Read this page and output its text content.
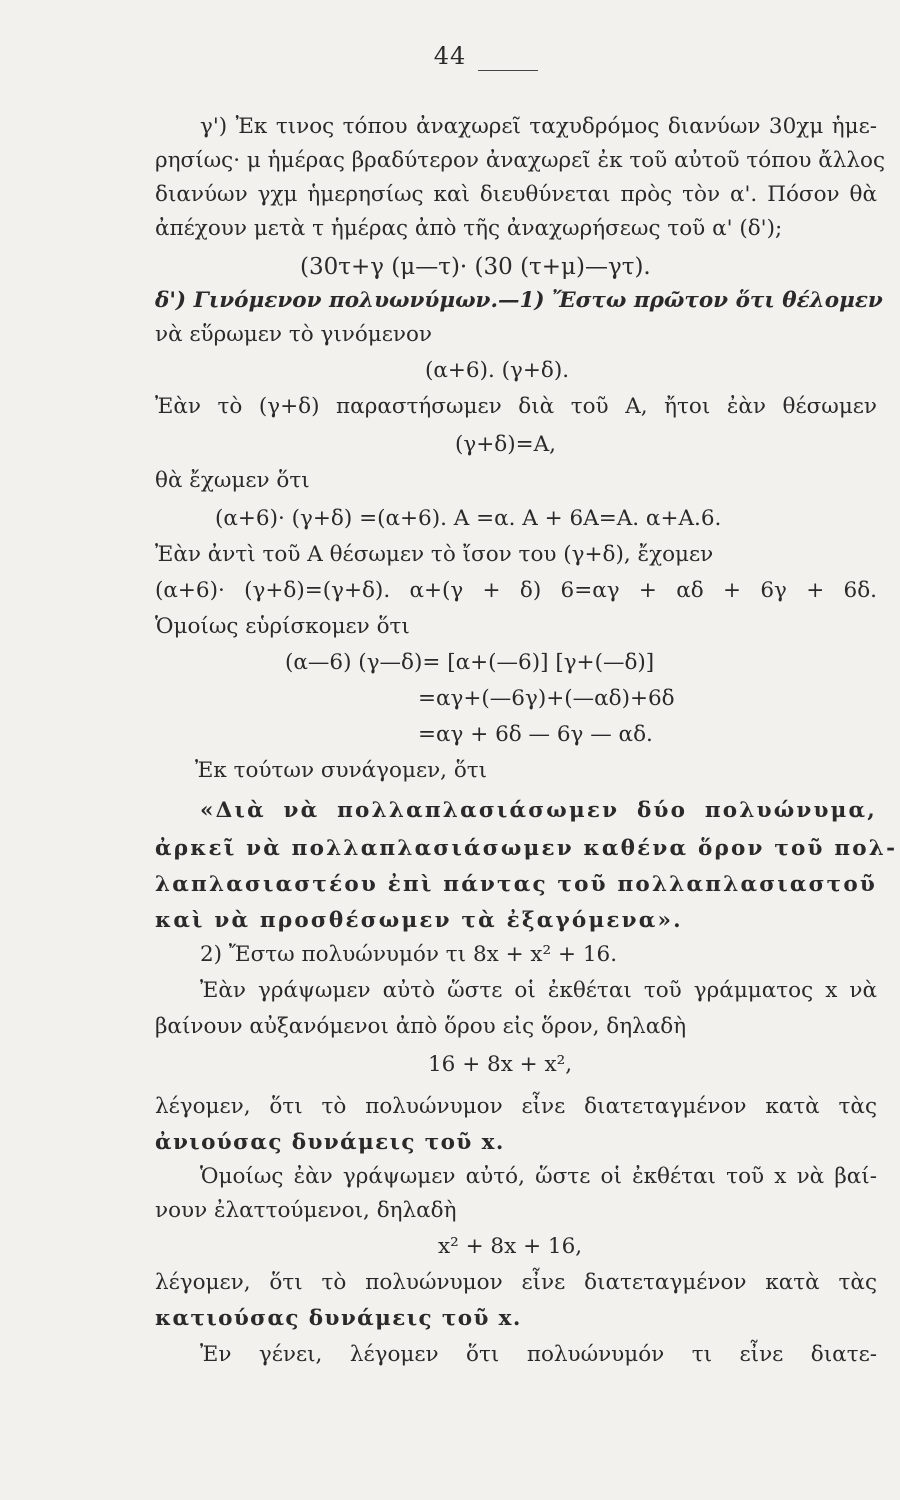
44
γ') Ἐκ τινος τόπου ἀναχωρεῖ ταχυδρόμος διανύων 30χμ ἡμε-
ρησίως· μ ἡμέρας βραδύτερον ἀναχωρεῖ ἐκ τοῦ αὐτοῦ τόπου ἄλλος
διανύων γχμ ἡμερησίως καὶ διευθύνεται πρὸς τὸν α'. Πόσον θὰ
ἀπέχουν μετὰ τ ἡμέρας ἀπὸ τῆς ἀναχωρήσεως τοῦ α' (δ');
(30τ+γ (μ—τ)· (30 (τ+μ)—γτ).
δ') Γινόμενον πολυωνύμων.—1) Ἔστω πρῶτον ὅτι θέλομεν
νὰ εὕρωμεν τὸ γινόμενον
(α+6). (γ+δ).
Ἐὰν τὸ (γ+δ) παραστήσωμεν διὰ τοῦ Α, ἤτοι ἐὰν θέσωμεν
(γ+δ)=Α,
θὰ ἔχωμεν ὅτι
(α+6)· (γ+δ) =(α+6). Α =α. Α + 6Α=Α. α+Α.6.
Ἐὰν ἀντὶ τοῦ Α θέσωμεν τὸ ἴσον του (γ+δ), ἔχομεν
(α+6)· (γ+δ)=(γ+δ). α+(γ + δ) 6=αγ + αδ + 6γ + 6δ.
Ὁμοίως εὑρίσκομεν ὅτι
(α—6) (γ—δ)= [α+(—6)] [γ+(—δ)]
=αγ+(—6γ)+(—αδ)+6δ
=αγ + 6δ — 6γ — αδ.
Ἐκ τούτων συνάγομεν, ὅτι
«Διὰ νὰ πολλαπλασιάσωμεν δύο πολυώνυμα,
ἀρκεῖ νὰ πολλαπλασιάσωμεν καθένα ὅρον τοῦ πολ-
λαπλασιαστέου ἐπὶ πάντας τοῦ πολλαπλασιαστοῦ
καὶ νὰ προσθέσωμεν τὰ ἐξαγόμενα».
2) Ἔστω πολυώνυμόν τι 8x + x² + 16.
Ἐὰν γράψωμεν αὐτὸ ὥστε οἱ ἐκθέται τοῦ γράμματος x νὰ
βαίνουν αὐξανόμενοι ἀπὸ ὅρου εἰς ὅρον, δηλαδὴ
16 + 8x + x²,
λέγομεν, ὅτι τὸ πολυώνυμον εἶνε διατεταγμένον κατὰ τὰς
ἀνιούσας δυνάμεις τοῦ x.
Ὁμοίως ἐὰν γράψωμεν αὐτό, ὥστε οἱ ἐκθέται τοῦ x νὰ βαί-
νουν ἐλαττούμενοι, δηλαδὴ
x² + 8x + 16,
λέγομεν, ὅτι τὸ πολυώνυμον εἶνε διατεταγμένον κατὰ τὰς
κατιούσας δυνάμεις τοῦ x.
Ἐν γένει, λέγομεν ὅτι πολυώνυμόν τι εἶνε διατε-
